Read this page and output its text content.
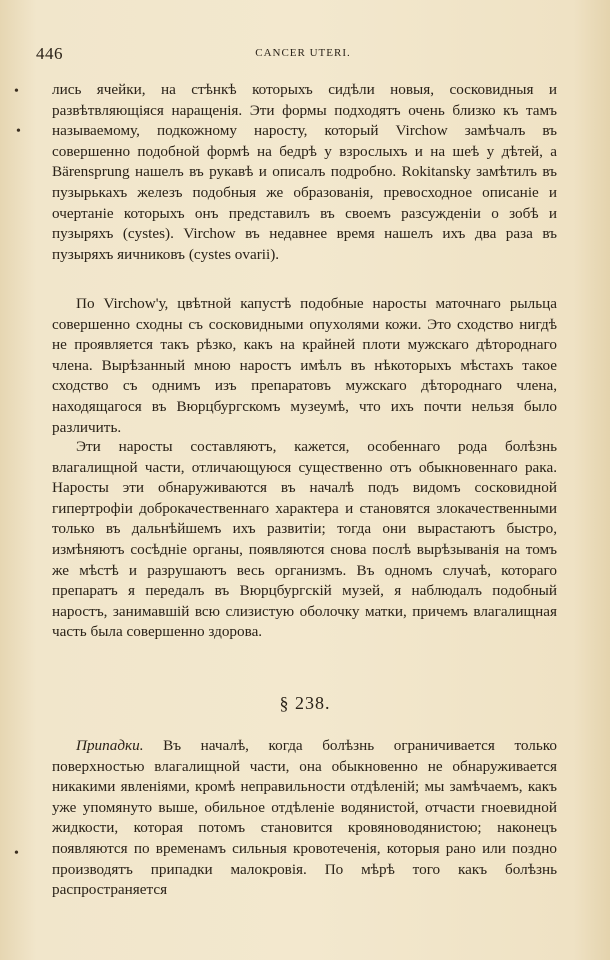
446	CANCER UTERI.
•
•
•

лись ячейки, на стѣнкѣ которыхъ сидѣли новыя, сосковидныя и развѣтвляющіяся наращенія. Эти формы подходятъ очень близко къ тамъ называемому, подкожному наросту, который Virchow замѣчалъ въ совершенно подобной формѣ на бедрѣ у взрослыхъ и на шеѣ у дѣтей, а Bärensprung нашелъ въ рукавѣ и описалъ подробно. Rokitansky замѣтилъ въ пузырькахъ железъ подобныя же образованія, превосходное описаніе и очертаніе которыхъ онъ представилъ въ своемъ разсужденіи о зобѣ и пузыряхъ (cystes). Virchow въ недавнее время нашелъ ихъ два раза въ пузыряхъ яичниковъ (cystes ovarii).

По Virchow'у, цвѣтной капустѣ подобные наросты маточнаго рыльца совершенно сходны съ сосковидными опухолями кожи. Это сходство нигдѣ не проявляется такъ рѣзко, какъ на крайней плоти мужскаго дѣтороднаго члена. Вырѣзанный мною наростъ имѣлъ въ нѣкоторыхъ мѣстахъ такое сходство съ однимъ изъ препаратовъ мужскаго дѣтороднаго члена, находящагося въ Вюрцбургскомъ музеумѣ, что ихъ почти нельзя было различить.

Эти наросты составляютъ, кажется, особеннаго рода болѣзнь влагалищной части, отличающуюся существенно отъ обыкновеннаго рака. Наросты эти обнаруживаются въ началѣ подъ видомъ сосковидной гипертрофіи доброкачественнаго характера и становятся злокачественными только въ дальнѣйшемъ ихъ развитіи; тогда они вырастаютъ быстро, измѣняютъ сосѣдніе органы, появляются снова послѣ вырѣзыванія на томъ же мѣстѣ и разрушаютъ весь организмъ. Въ одномъ случаѣ, котораго препаратъ я передалъ въ Вюрцбургскій музей, я наблюдалъ подобный наростъ, занимавшій всю слизистую оболочку матки, причемъ влагалищная часть была совершенно здорова.

§ 238.

Припадки. Въ началѣ, когда болѣзнь ограничивается только поверхностью влагалищной части, она обыкновенно не обнаруживается никакими явленіями, кромѣ неправильности отдѣленій; мы замѣчаемъ, какъ уже упомянуто выше, обильное отдѣленіе водянистой, отчасти гноевидной жидкости, которая потомъ становится кровяноводянистою; наконецъ появляются по временамъ сильныя кровотеченія, которыя рано или поздно производятъ припадки малокровія. По мѣрѣ того какъ болѣзнь распространяется
